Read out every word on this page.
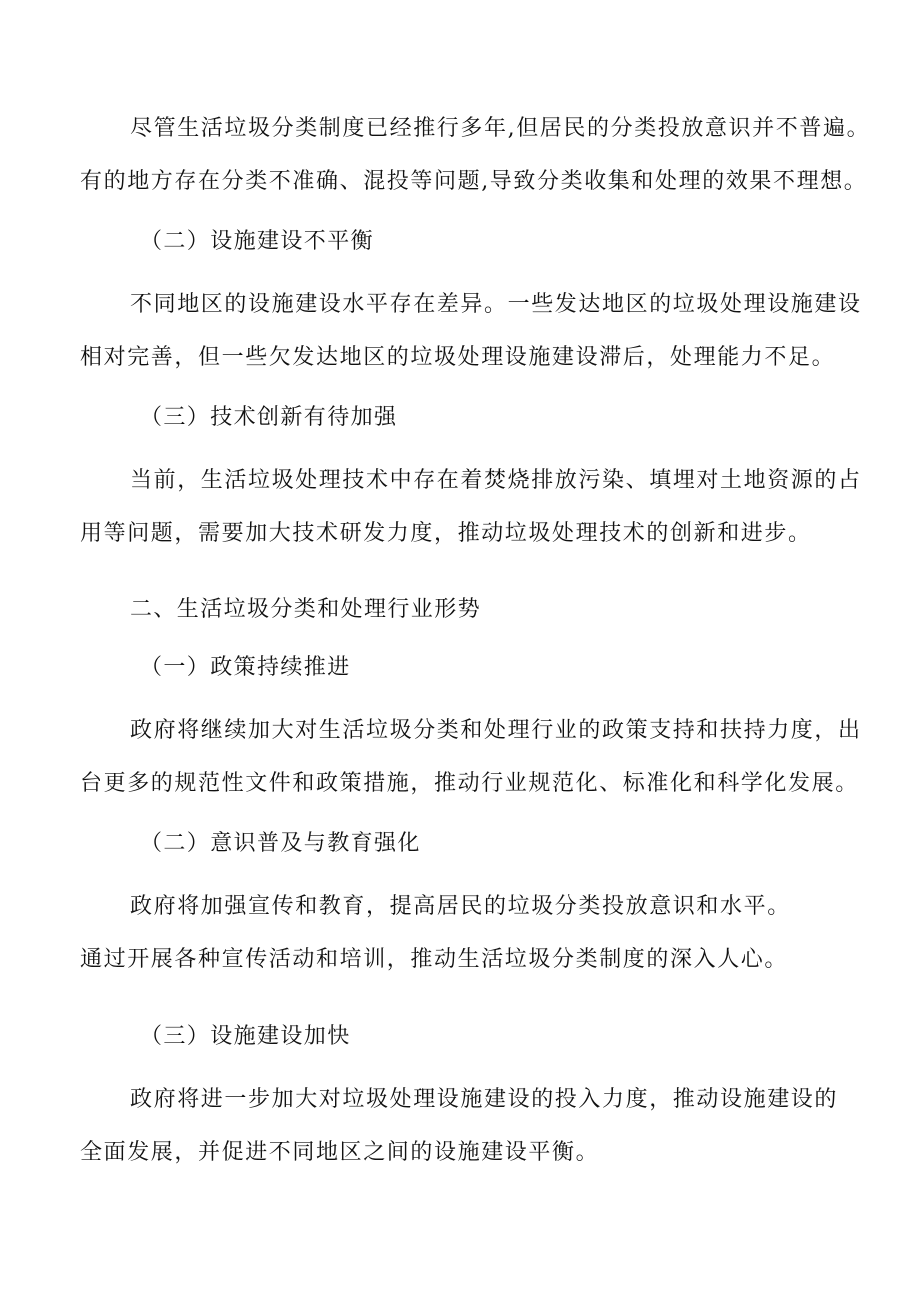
尽管生活垃圾分类制度已经推行多年,但居民的分类投放意识并不普遍。
有的地方存在分类不准确、混投等问题,导致分类收集和处理的效果不理想。
（二）设施建设不平衡
不同地区的设施建设水平存在差异。一些发达地区的垃圾处理设施建设
相对完善，但一些欠发达地区的垃圾处理设施建设滞后，处理能力不足。
（三）技术创新有待加强
当前，生活垃圾处理技术中存在着焚烧排放污染、填埋对土地资源的占
用等问题，需要加大技术研发力度，推动垃圾处理技术的创新和进步。
二、生活垃圾分类和处理行业形势
（一）政策持续推进
政府将继续加大对生活垃圾分类和处理行业的政策支持和扶持力度，出
台更多的规范性文件和政策措施，推动行业规范化、标准化和科学化发展。
（二）意识普及与教育强化
政府将加强宣传和教育，提高居民的垃圾分类投放意识和水平。
通过开展各种宣传活动和培训，推动生活垃圾分类制度的深入人心。
（三）设施建设加快
政府将进一步加大对垃圾处理设施建设的投入力度，推动设施建设的
全面发展，并促进不同地区之间的设施建设平衡。
